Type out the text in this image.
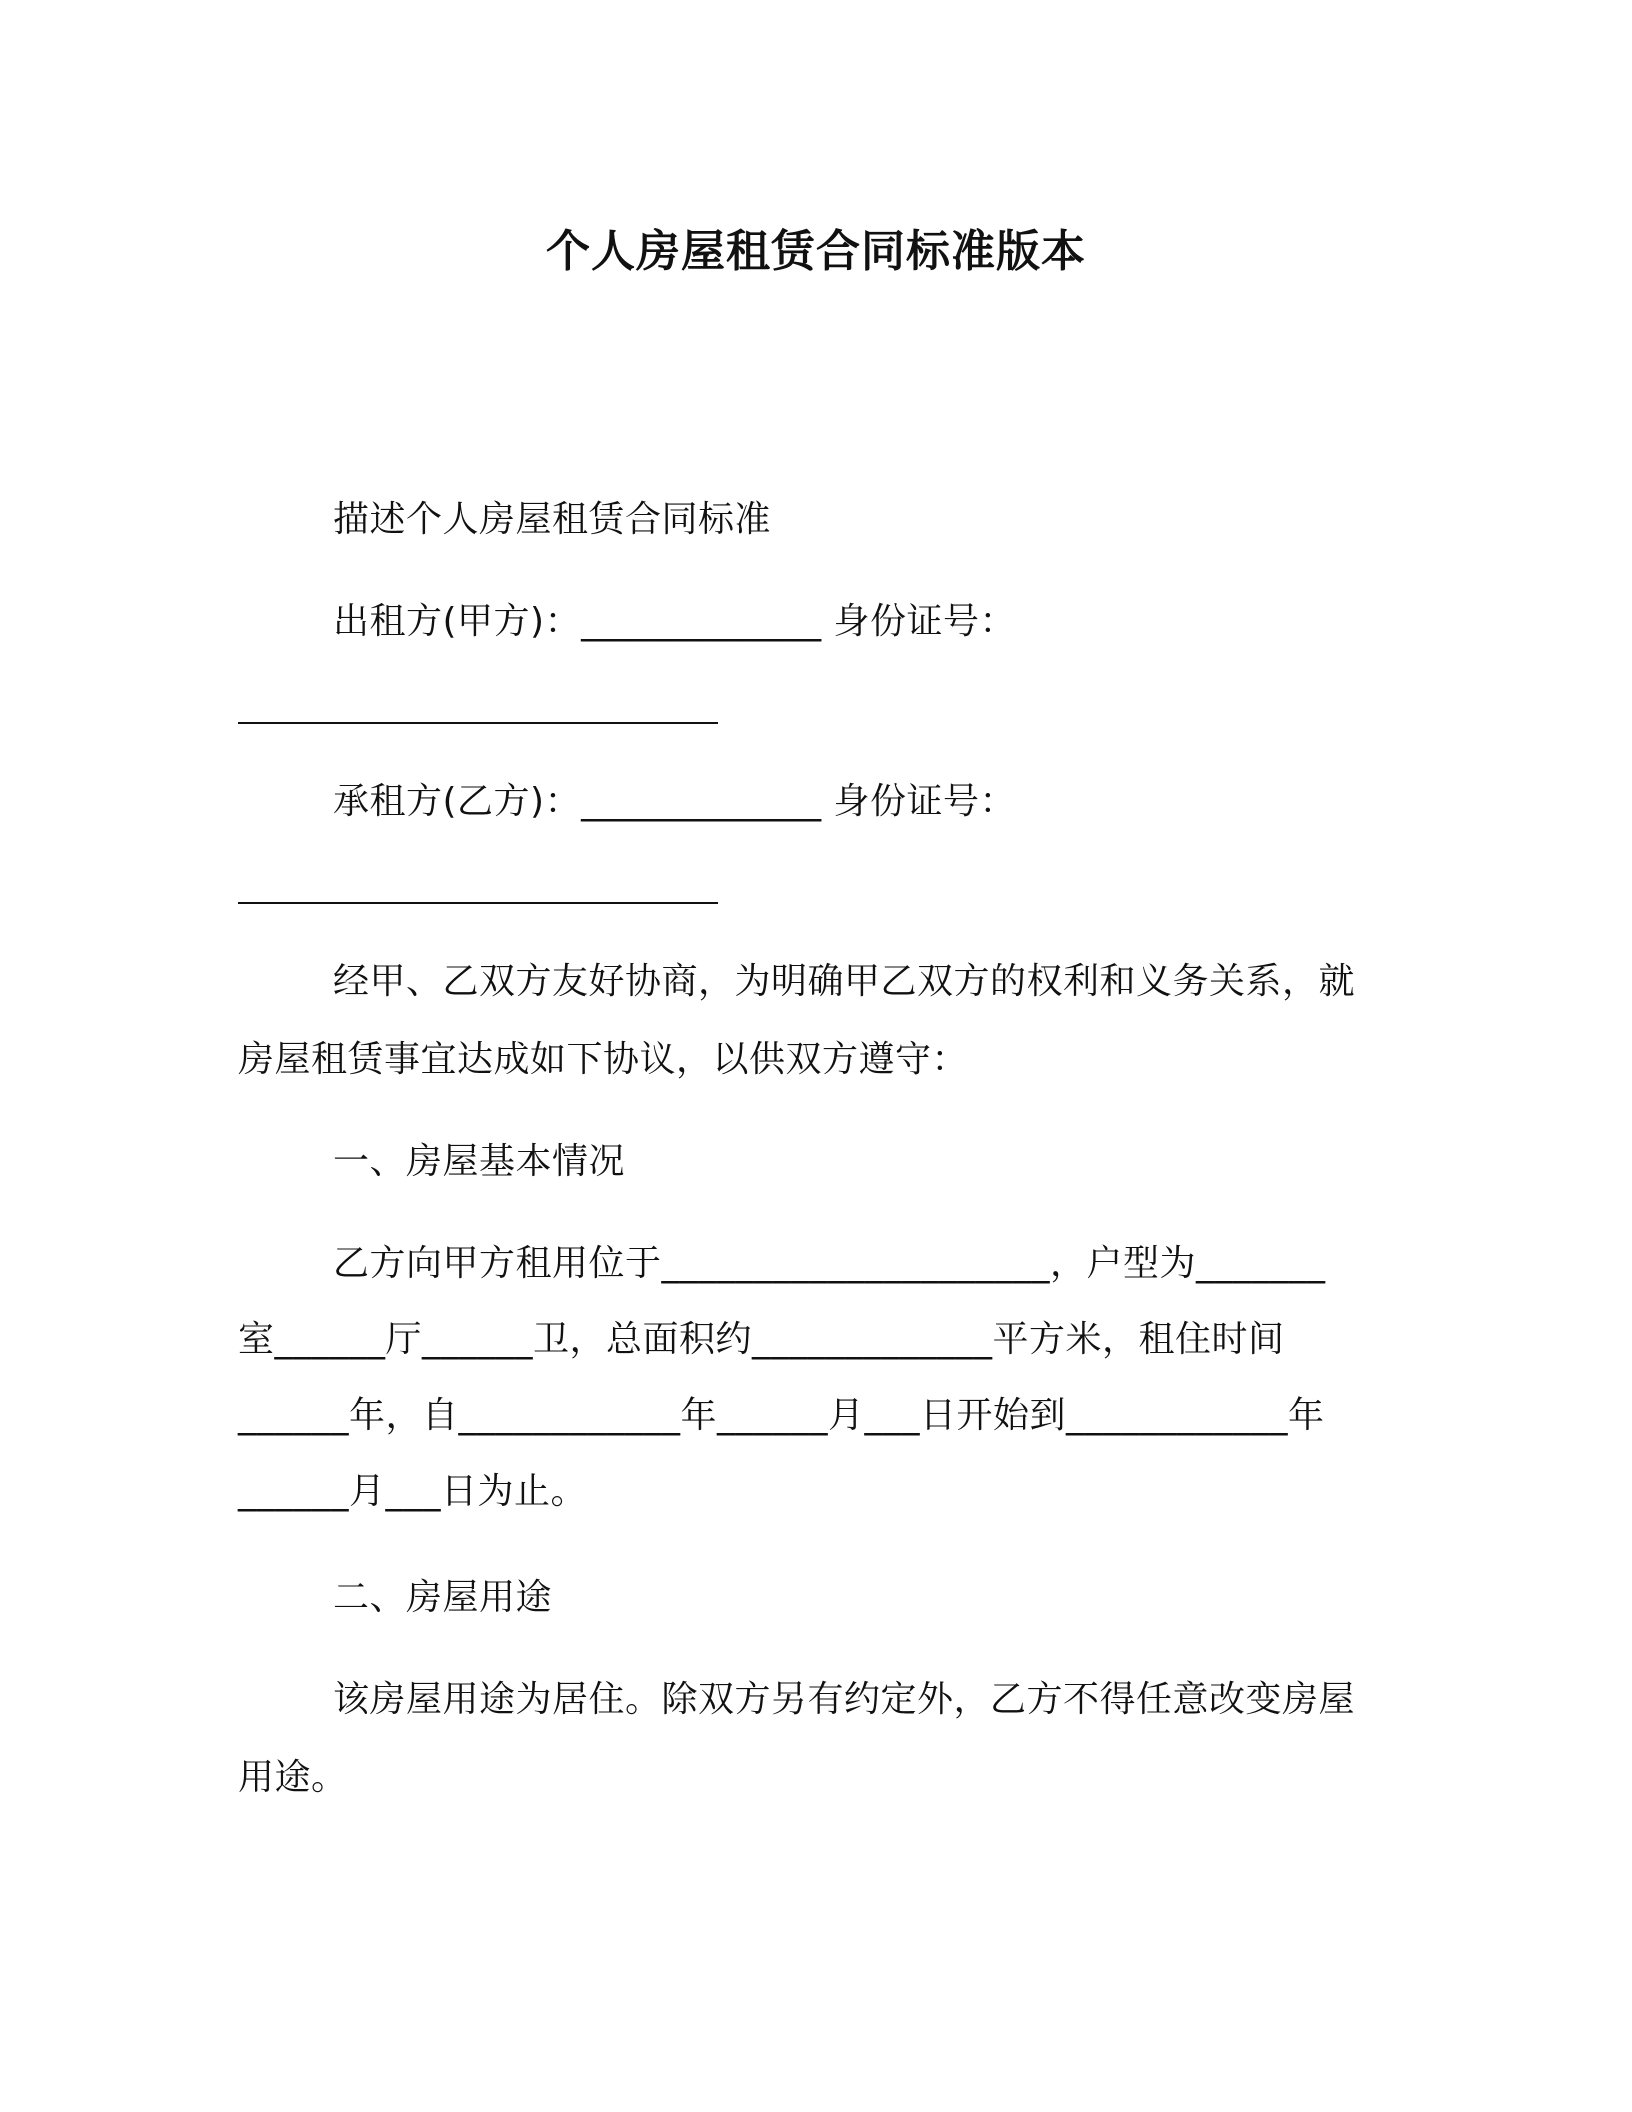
个人房屋租赁合同标准版本
描述个人房屋租赁合同标准
出租方(甲方)：_____________ 身份证号：
承租方(乙方)：_____________ 身份证号：
经甲、乙双方友好协商，为明确甲乙双方的权利和义务关系，就
房屋租赁事宜达成如下协议，以供双方遵守：
一、房屋基本情况
乙方向甲方租用位于_____________________，户型为_______
室______厅______卫，总面积约_____________平方米，租住时间
______年，自____________年______月___日开始到____________年
______月___日为止。
二、房屋用途
该房屋用途为居住。除双方另有约定外，乙方不得任意改变房屋
用途。
